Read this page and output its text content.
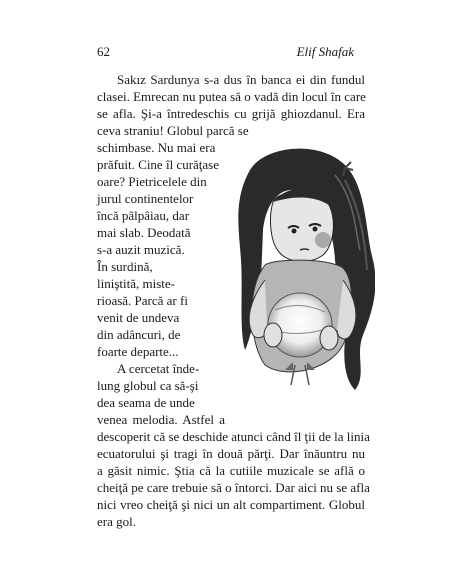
62	Elif Shafak
Sakız Sardunya s-a dus în banca ei din fundul
clasei. Emrecan nu putea să o vadă din locul în care
se afla. Şi-a întredeschis cu grijă ghiozdanul. Era
ceva straniu! Globul parcă se
schimbase. Nu mai era
prăfuit. Cine îl curăţase
oare? Pietricelele din
jurul continentelor
încă pâlpâiau, dar
mai slab. Deodată
s-a auzit muzică.
În surdină,
liniştită, miste-
rioasă. Parcă ar fi
venit de undeva
din adâncuri, de
foarte departe...
A cercetat înde-
lung globul ca să-şi
dea seama de unde
venea melodia. Astfel a
descoperit că se deschide atunci când îl ţii de la linia
ecuatorului şi tragi în două părţi. Dar înăuntru nu
a găsit nimic. Ştia că la cutiile muzicale se află o
cheiţă pe care trebuie să o întorci. Dar aici nu se afla
nici vreo cheiţă şi nici un alt compartiment. Globul
era gol.
